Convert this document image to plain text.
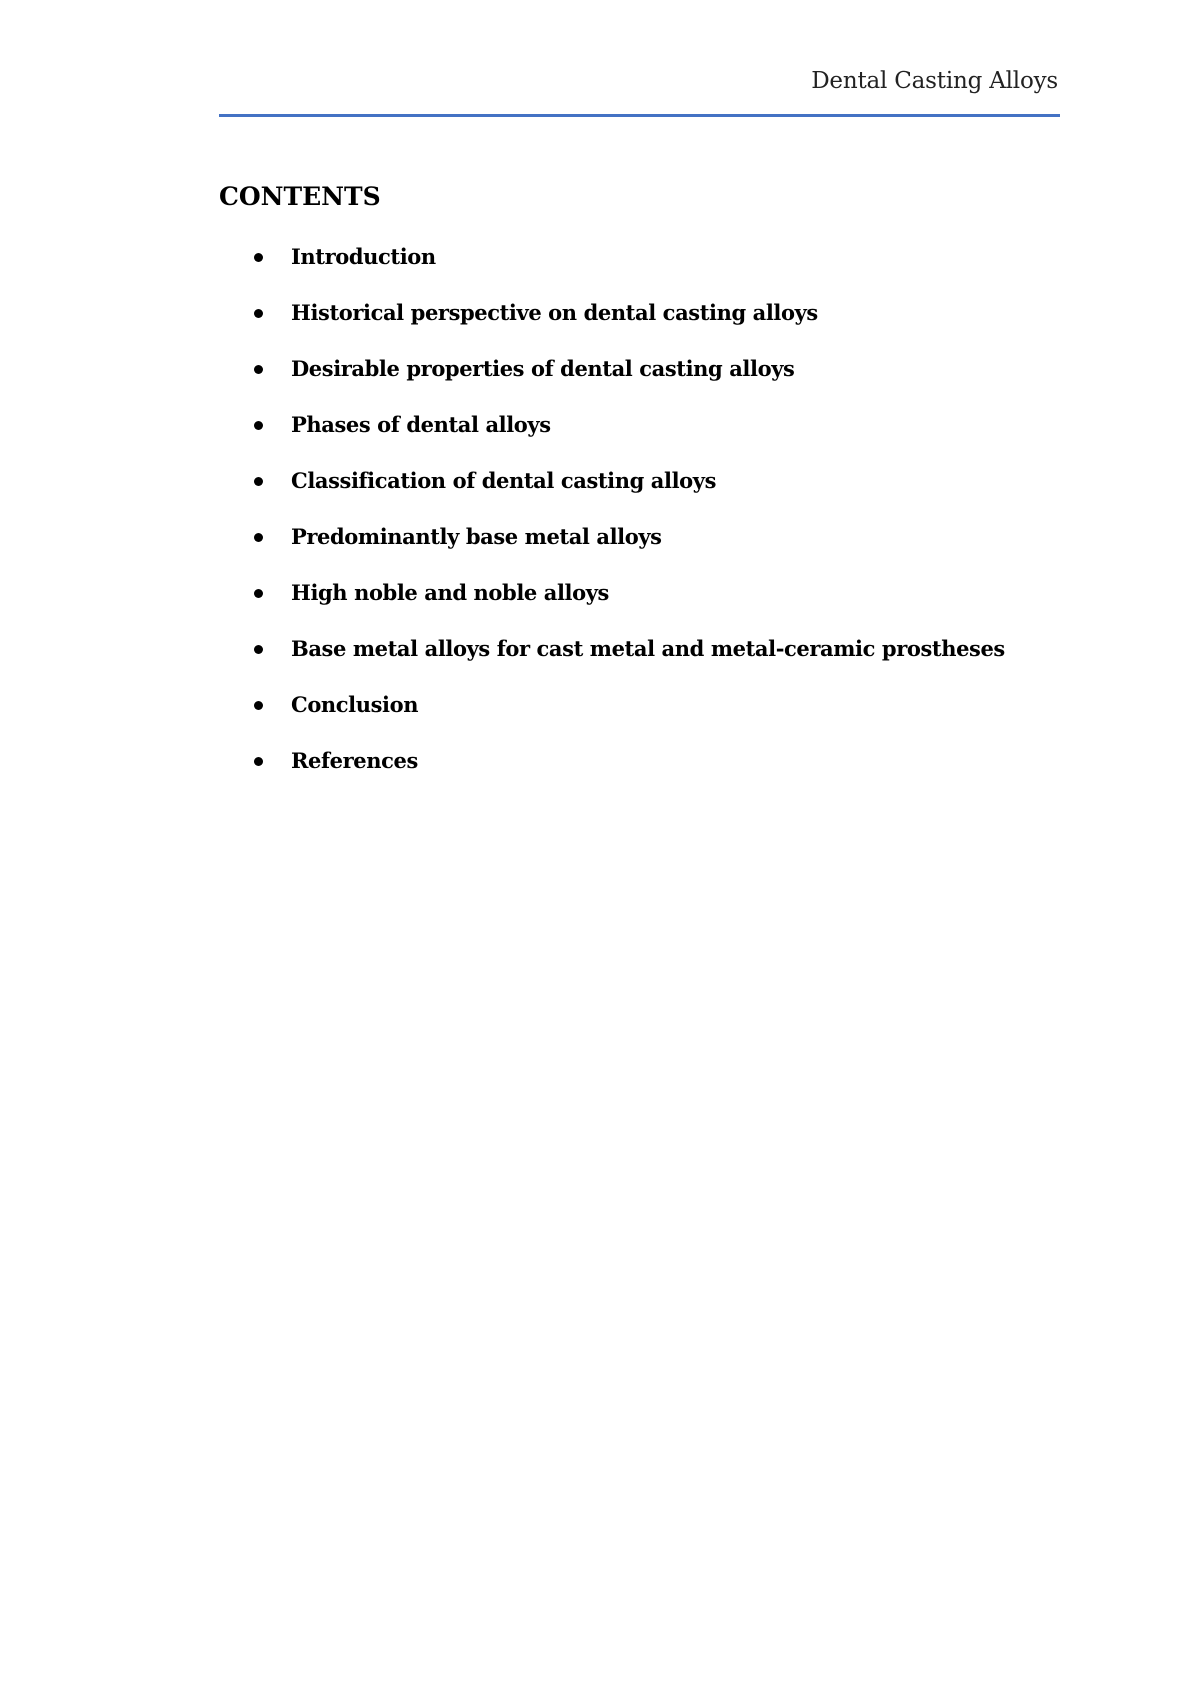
Dental Casting Alloys
CONTENTS
Introduction
Historical perspective on dental casting alloys
Desirable properties of dental casting alloys
Phases of dental alloys
Classification of dental casting alloys
Predominantly base metal alloys
High noble and noble alloys
Base metal alloys for cast metal and metal-ceramic prostheses
Conclusion
References
